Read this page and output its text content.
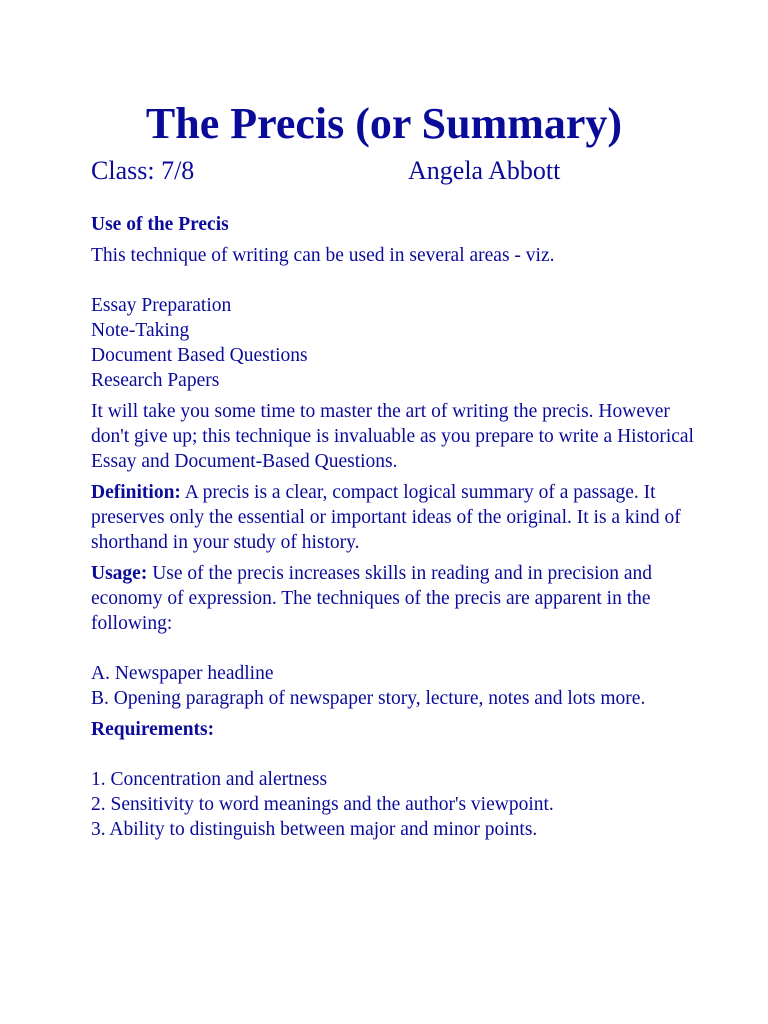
The Precis (or Summary)
Class: 7/8	Angela Abbott

Use of the Precis

This technique of writing can be used in several areas - viz.

Essay Preparation
Note-Taking
Document Based Questions
Research Papers

It will take you some time to master the art of writing the precis. However don't give up; this technique is invaluable as you prepare to write a Historical Essay and Document-Based Questions.

Definition: A precis is a clear, compact logical summary of a passage. It preserves only the essential or important ideas of the original. It is a kind of shorthand in your study of history.

Usage: Use of the precis increases skills in reading and in precision and economy of expression. The techniques of the precis are apparent in the following:

A. Newspaper headline
B. Opening paragraph of newspaper story, lecture, notes and lots more.

Requirements:

1. Concentration and alertness
2. Sensitivity to word meanings and the author's viewpoint.
3. Ability to distinguish between major and minor points.
